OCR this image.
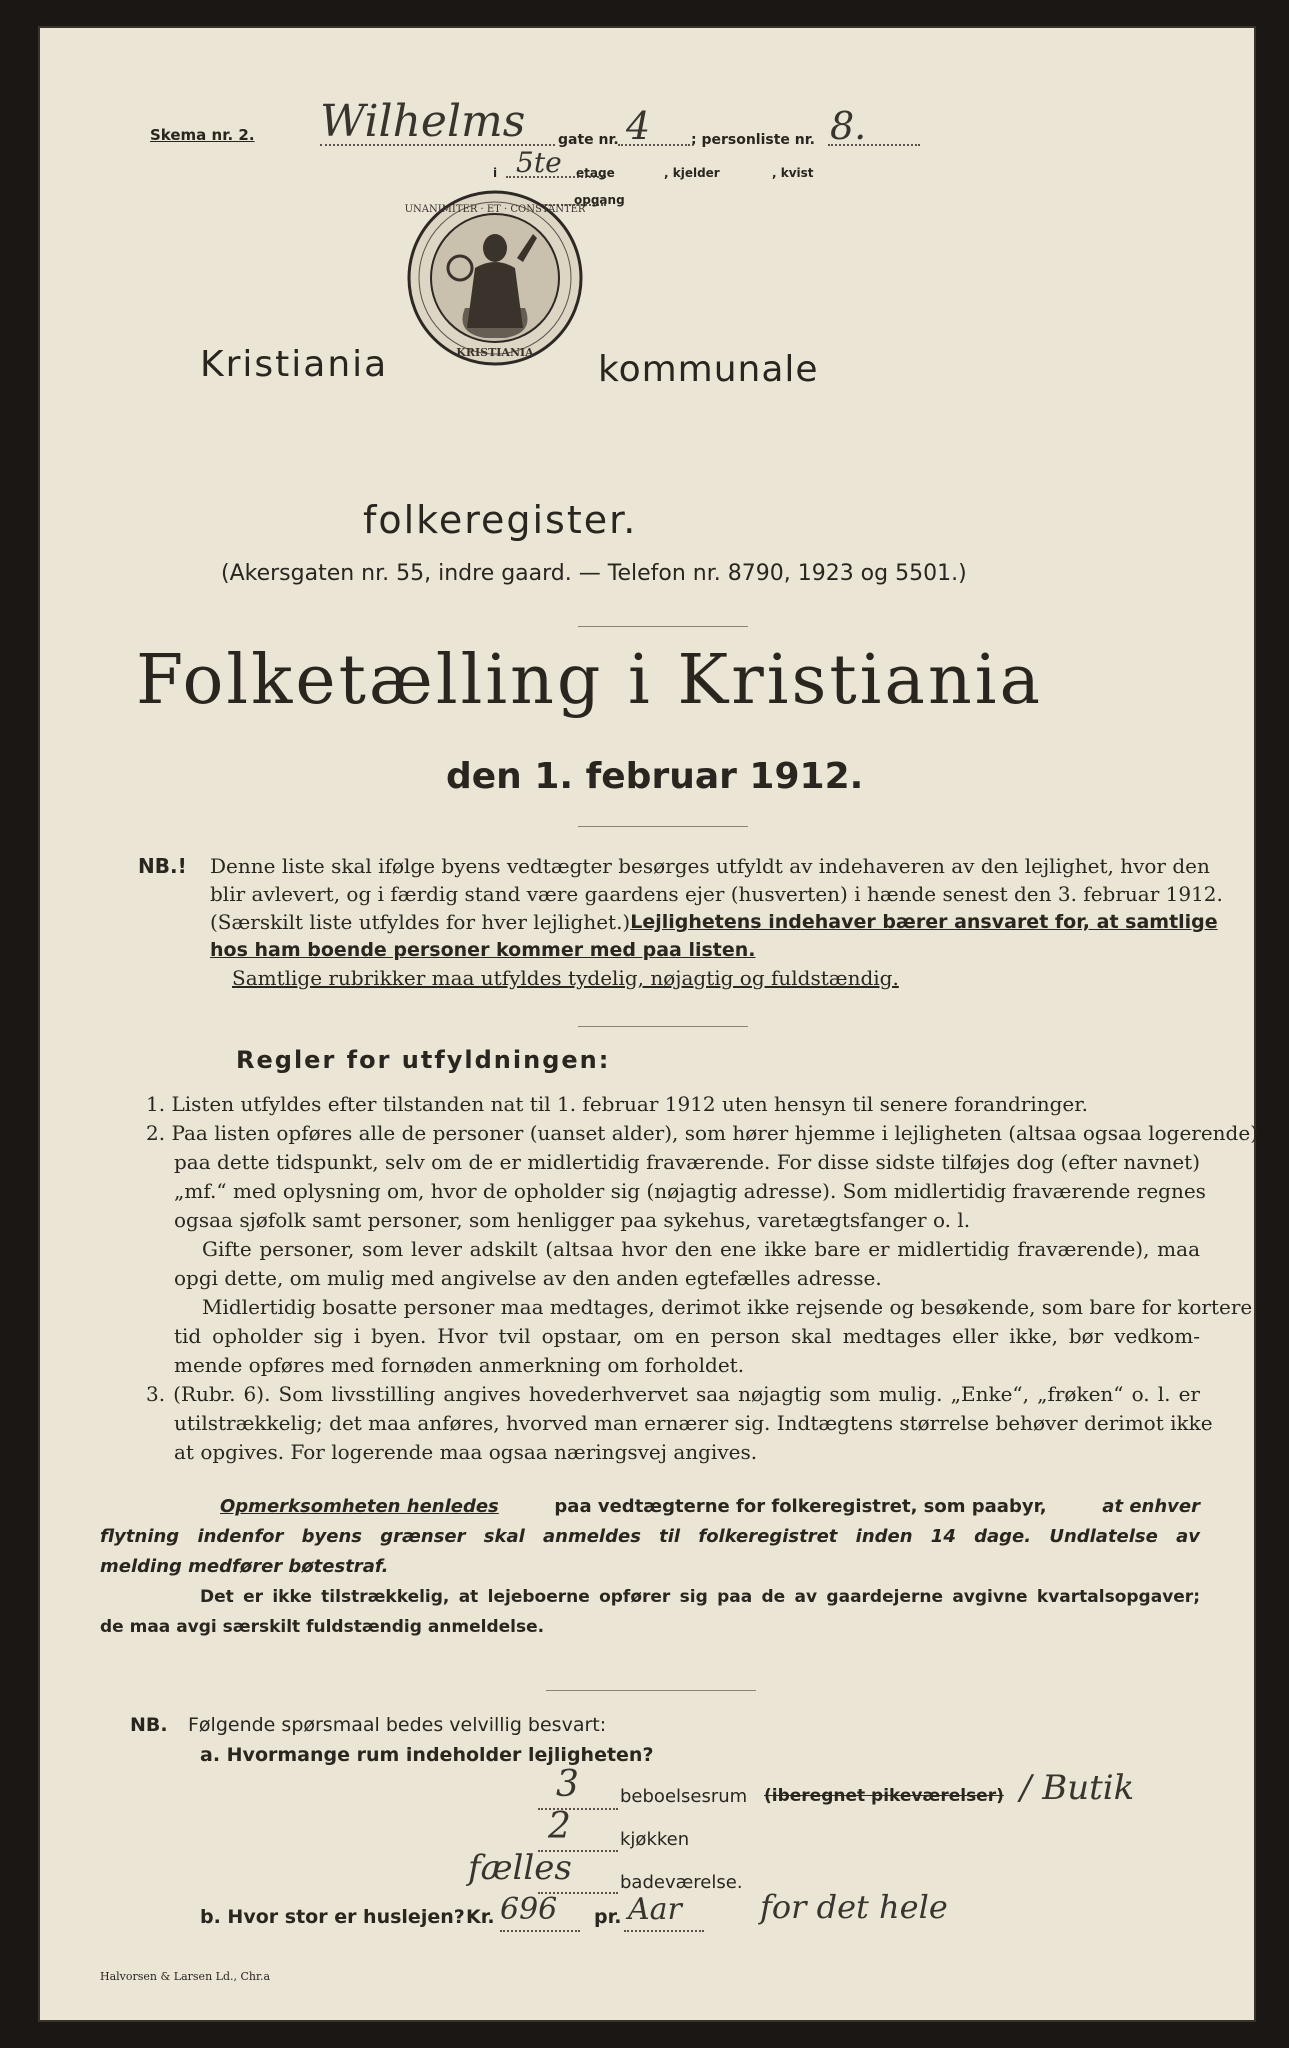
Skema nr. 2. Wilhelms gate nr. 4	; personliste nr. 8.
i 5te etage	, kjelder	, kvist
opgang
UNANIMITER · ET · CONSTANTER
KRISTIANIA
Kristiania	kommunale
folkeregister.
(Akersgaten nr. 55, indre gaard. — Telefon nr. 8790, 1923 og 5501.)
Folketælling i Kristiania
den 1. februar 1912.
NB.! Denne liste skal ifølge byens vedtægter besørges utfyldt av indehaveren av den lejlighet, hvor den
blir avlevert, og i færdig stand være gaardens ejer (husverten) i hænde senest den 3. februar 1912.
(Særskilt liste utfyldes for hver lejlighet.) Lejlighetens indehaver bærer ansvaret for, at samtlige
hos ham boende personer kommer med paa listen.
Samtlige rubrikker maa utfyldes tydelig, nøjagtig og fuldstændig.
Regler for utfyldningen:
1. Listen utfyldes efter tilstanden nat til 1. februar 1912 uten hensyn til senere forandringer.
2. Paa listen opføres alle de personer (uanset alder), som hører hjemme i lejligheten (altsaa ogsaa logerende)
paa dette tidspunkt, selv om de er midlertidig fraværende. For disse sidste tilføjes dog (efter navnet)
„mf.“ med oplysning om, hvor de opholder sig (nøjagtig adresse). Som midlertidig fraværende regnes
ogsaa sjøfolk samt personer, som henligger paa sykehus, varetægtsfanger o. l.
Gifte personer, som lever adskilt (altsaa hvor den ene ikke bare er midlertidig fraværende), maa
opgi dette, om mulig med angivelse av den anden egtefælles adresse.
Midlertidig bosatte personer maa medtages, derimot ikke rejsende og besøkende, som bare for kortere
tid opholder sig i byen. Hvor tvil opstaar, om en person skal medtages eller ikke, bør vedkom-
mende opføres med fornøden anmerkning om forholdet.
3. (Rubr. 6). Som livsstilling angives hovederhvervet saa nøjagtig som mulig. „Enke“, „frøken“ o. l. er
utilstrækkelig; det maa anføres, hvorved man ernærer sig. Indtægtens størrelse behøver derimot ikke
at opgives. For logerende maa ogsaa næringsvej angives.
Opmerksomheten henledes	paa vedtægterne for folkeregistret, som paabyr,	at enhver
flytning indenfor byens grænser skal anmeldes til folkeregistret inden 14 dage. Undlatelse av
melding medfører bøtestraf.
Det er ikke tilstrækkelig, at lejeboerne opfører sig paa de av gaardejerne avgivne kvartalsopgaver;
de maa avgi særskilt fuldstændig anmeldelse.
NB. Følgende spørsmaal bedes velvillig besvart:
a. Hvormange rum indeholder lejligheten?
3 beboelsesrum (iberegnet pikeværelser) / Butik
2	kjøkken
fælles	badeværelse.
b. Hvor stor er huslejen? Kr. 696 pr. Aar for det hele
Halvorsen & Larsen Ld., Chr.a
